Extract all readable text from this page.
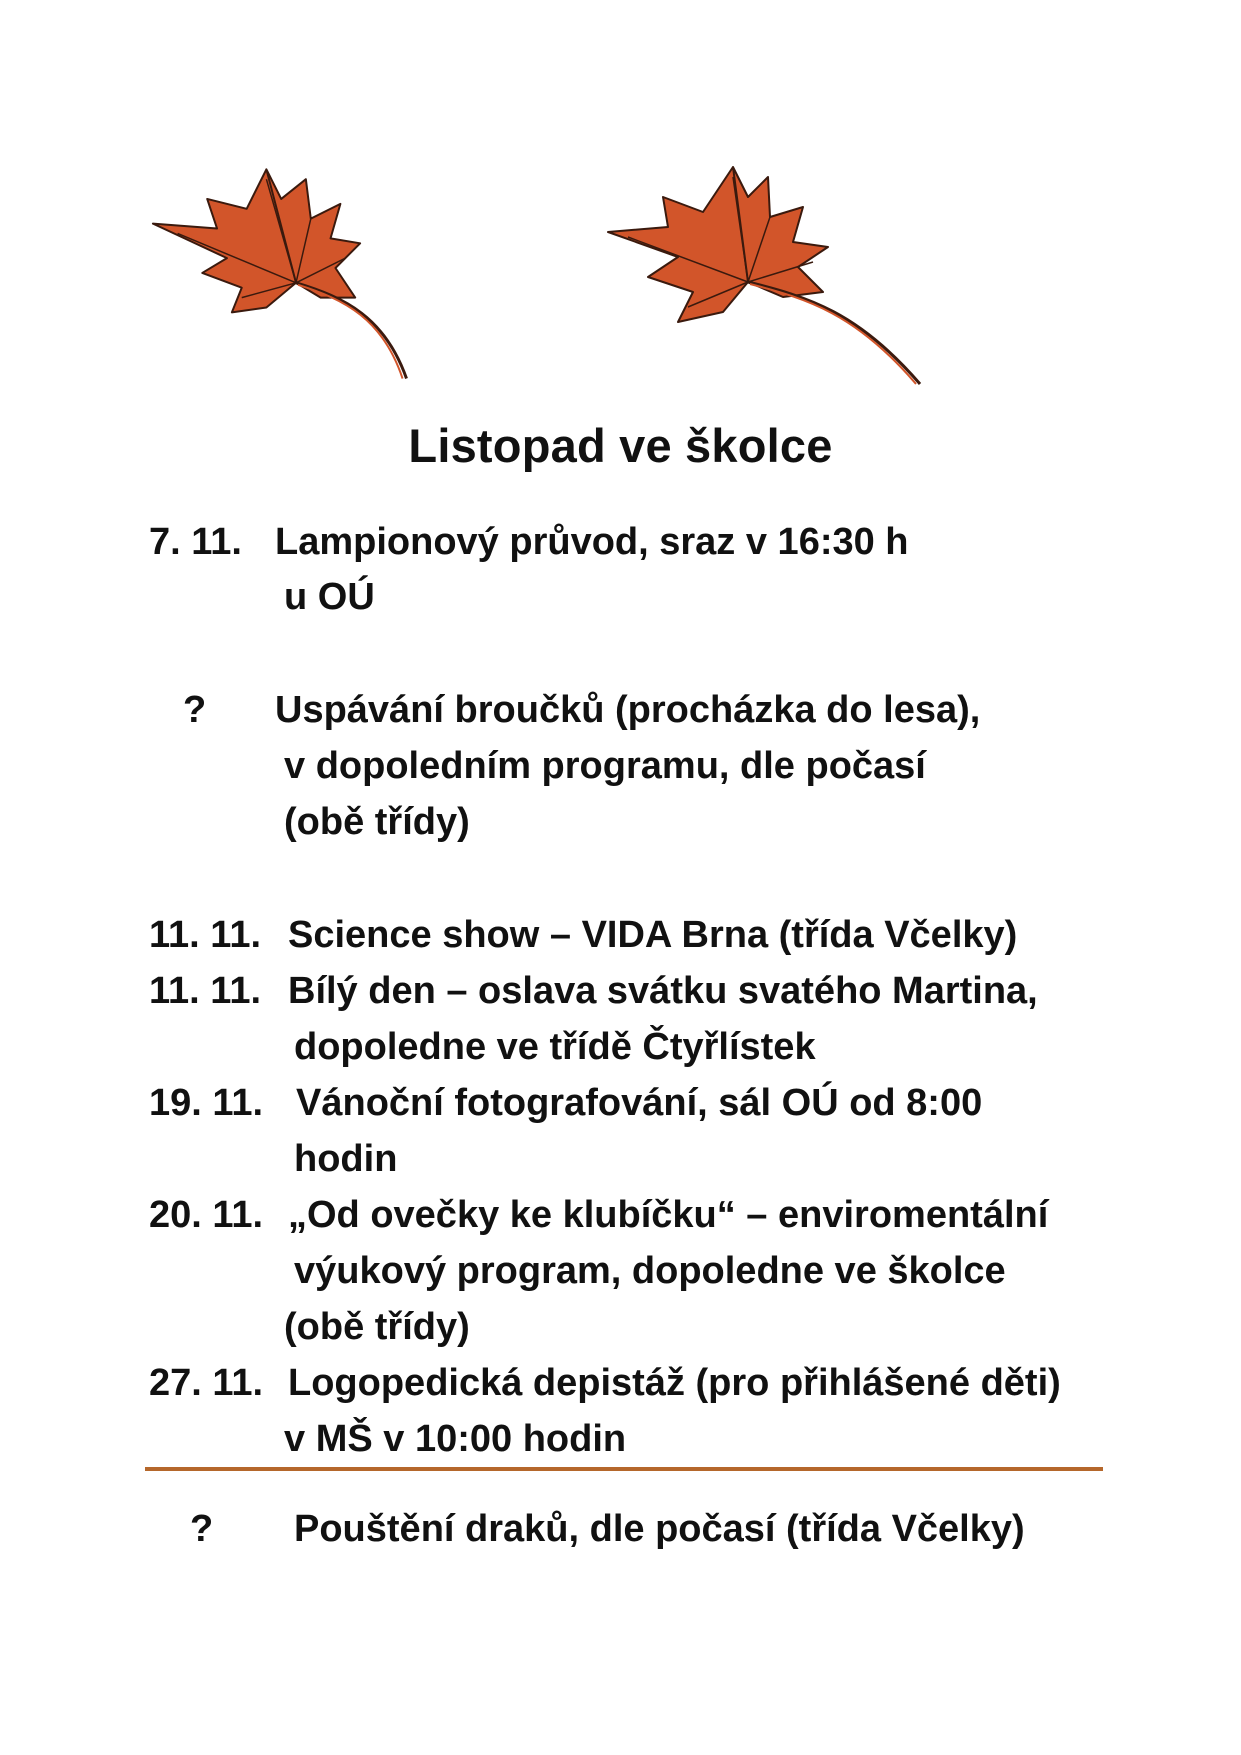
Listopad ve školce
7. 11. Lampionový průvod, sraz v 16:30 h
u OÚ
? Uspávání broučků (procházka do lesa),
v dopoledním programu, dle počasí
(obě třídy)
11. 11. Science show – VIDA Brna (třída Včelky)
11. 11. Bílý den – oslava svátku svatého Martina,
dopoledne ve třídě Čtyřlístek
19. 11. Vánoční fotografování, sál OÚ od 8:00
hodin
20. 11. „Od ovečky ke klubíčku“ – enviromentální
výukový program, dopoledne ve školce
(obě třídy)
27. 11. Logopedická depistáž (pro přihlášené děti)
v MŠ v 10:00 hodin
? Pouštění draků, dle počasí (třída Včelky)
